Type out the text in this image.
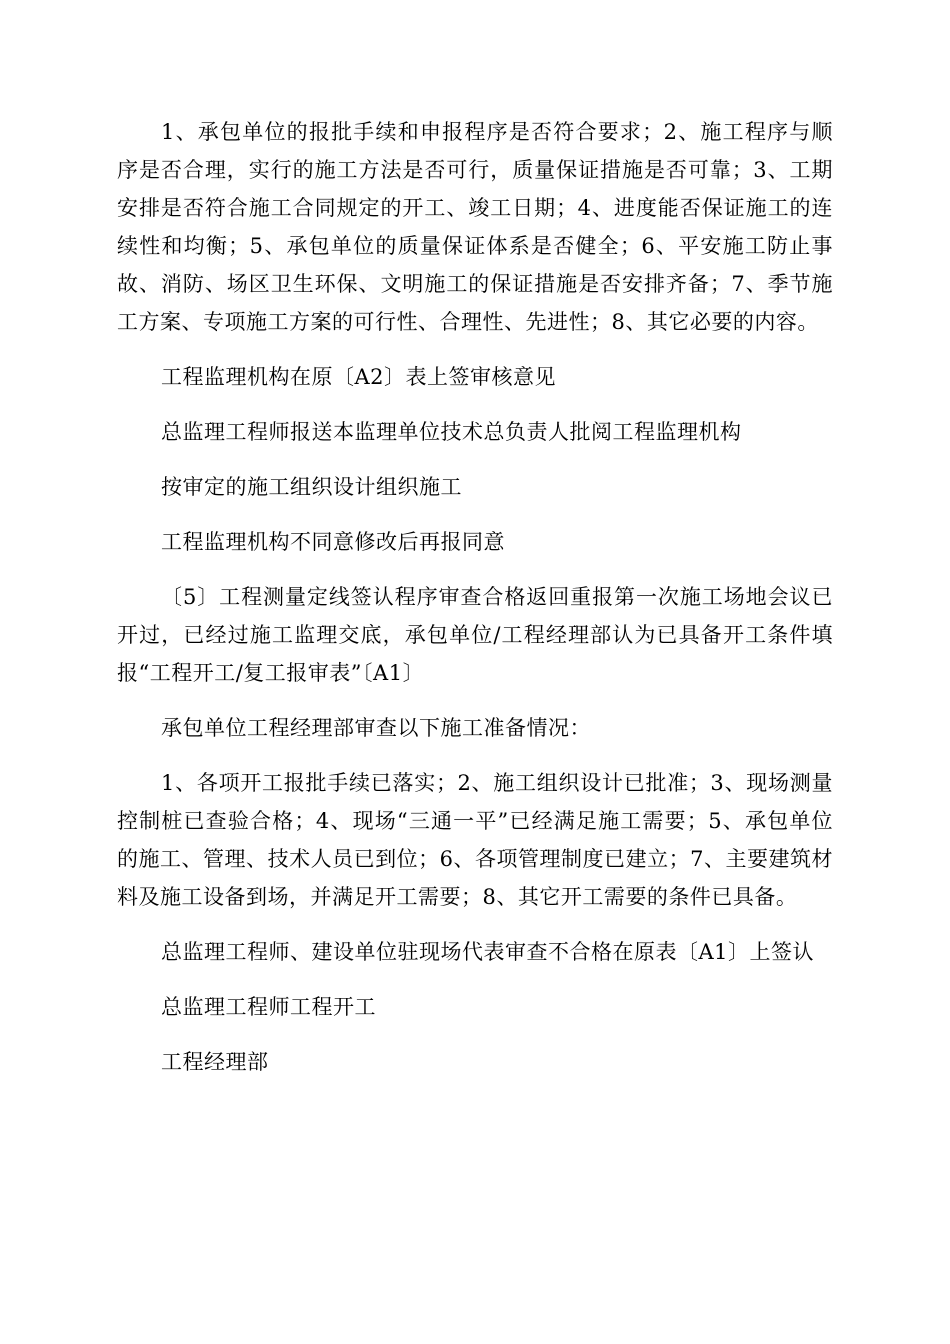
1、承包单位的报批手续和申报程序是否符合要求；2、施工程序与顺序是否合理，实行的施工方法是否可行，质量保证措施是否可靠；3、工期安排是否符合施工合同规定的开工、竣工日期；4、进度能否保证施工的连续性和均衡；5、承包单位的质量保证体系是否健全；6、平安施工防止事故、消防、场区卫生环保、文明施工的保证措施是否安排齐备；7、季节施工方案、专项施工方案的可行性、合理性、先进性；8、其它必要的内容。

工程监理机构在原〔A2〕表上签审核意见

总监理工程师报送本监理单位技术总负责人批阅工程监理机构

按审定的施工组织设计组织施工

工程监理机构不同意修改后再报同意

〔5〕工程测量定线签认程序审查合格返回重报第一次施工场地会议已开过，已经过施工监理交底，承包单位/工程经理部认为已具备开工条件填报“工程开工/复工报审表”〔A1〕

承包单位工程经理部审查以下施工准备情况：

1、各项开工报批手续已落实；2、施工组织设计已批准；3、现场测量控制桩已查验合格；4、现场“三通一平”已经满足施工需要；5、承包单位的施工、管理、技术人员已到位；6、各项管理制度已建立；7、主要建筑材料及施工设备到场，并满足开工需要；8、其它开工需要的条件已具备。

总监理工程师、建设单位驻现场代表审查不合格在原表〔A1〕上签认

总监理工程师工程开工

工程经理部
